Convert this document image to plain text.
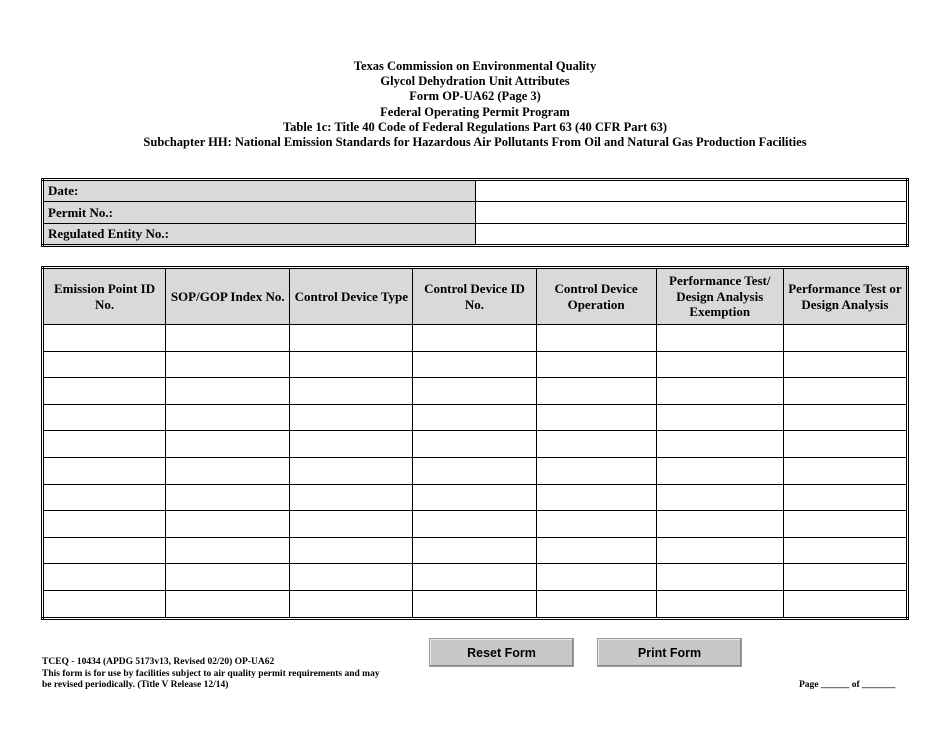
Texas Commission on Environmental Quality
Glycol Dehydration Unit Attributes
Form OP-UA62 (Page 3)
Federal Operating Permit Program
Table 1c: Title 40 Code of Federal Regulations Part 63 (40 CFR Part 63)
Subchapter HH: National Emission Standards for Hazardous Air Pollutants From Oil and Natural Gas Production Facilities
Date:	
Permit No.:	
Regulated Entity No.:	
Emission Point ID No.	SOP/GOP Index No.	Control Device Type	Control Device ID No.	Control Device Operation	Performance Test/ Design Analysis Exemption	Performance Test or Design Analysis

Reset Form	Print Form
TCEQ - 10434 (APDG 5173v13, Revised 02/20) OP-UA62
This form is for use by facilities subject to air quality permit requirements and may
be revised periodically. (Title V Release 12/14)	Page ______ of _______
